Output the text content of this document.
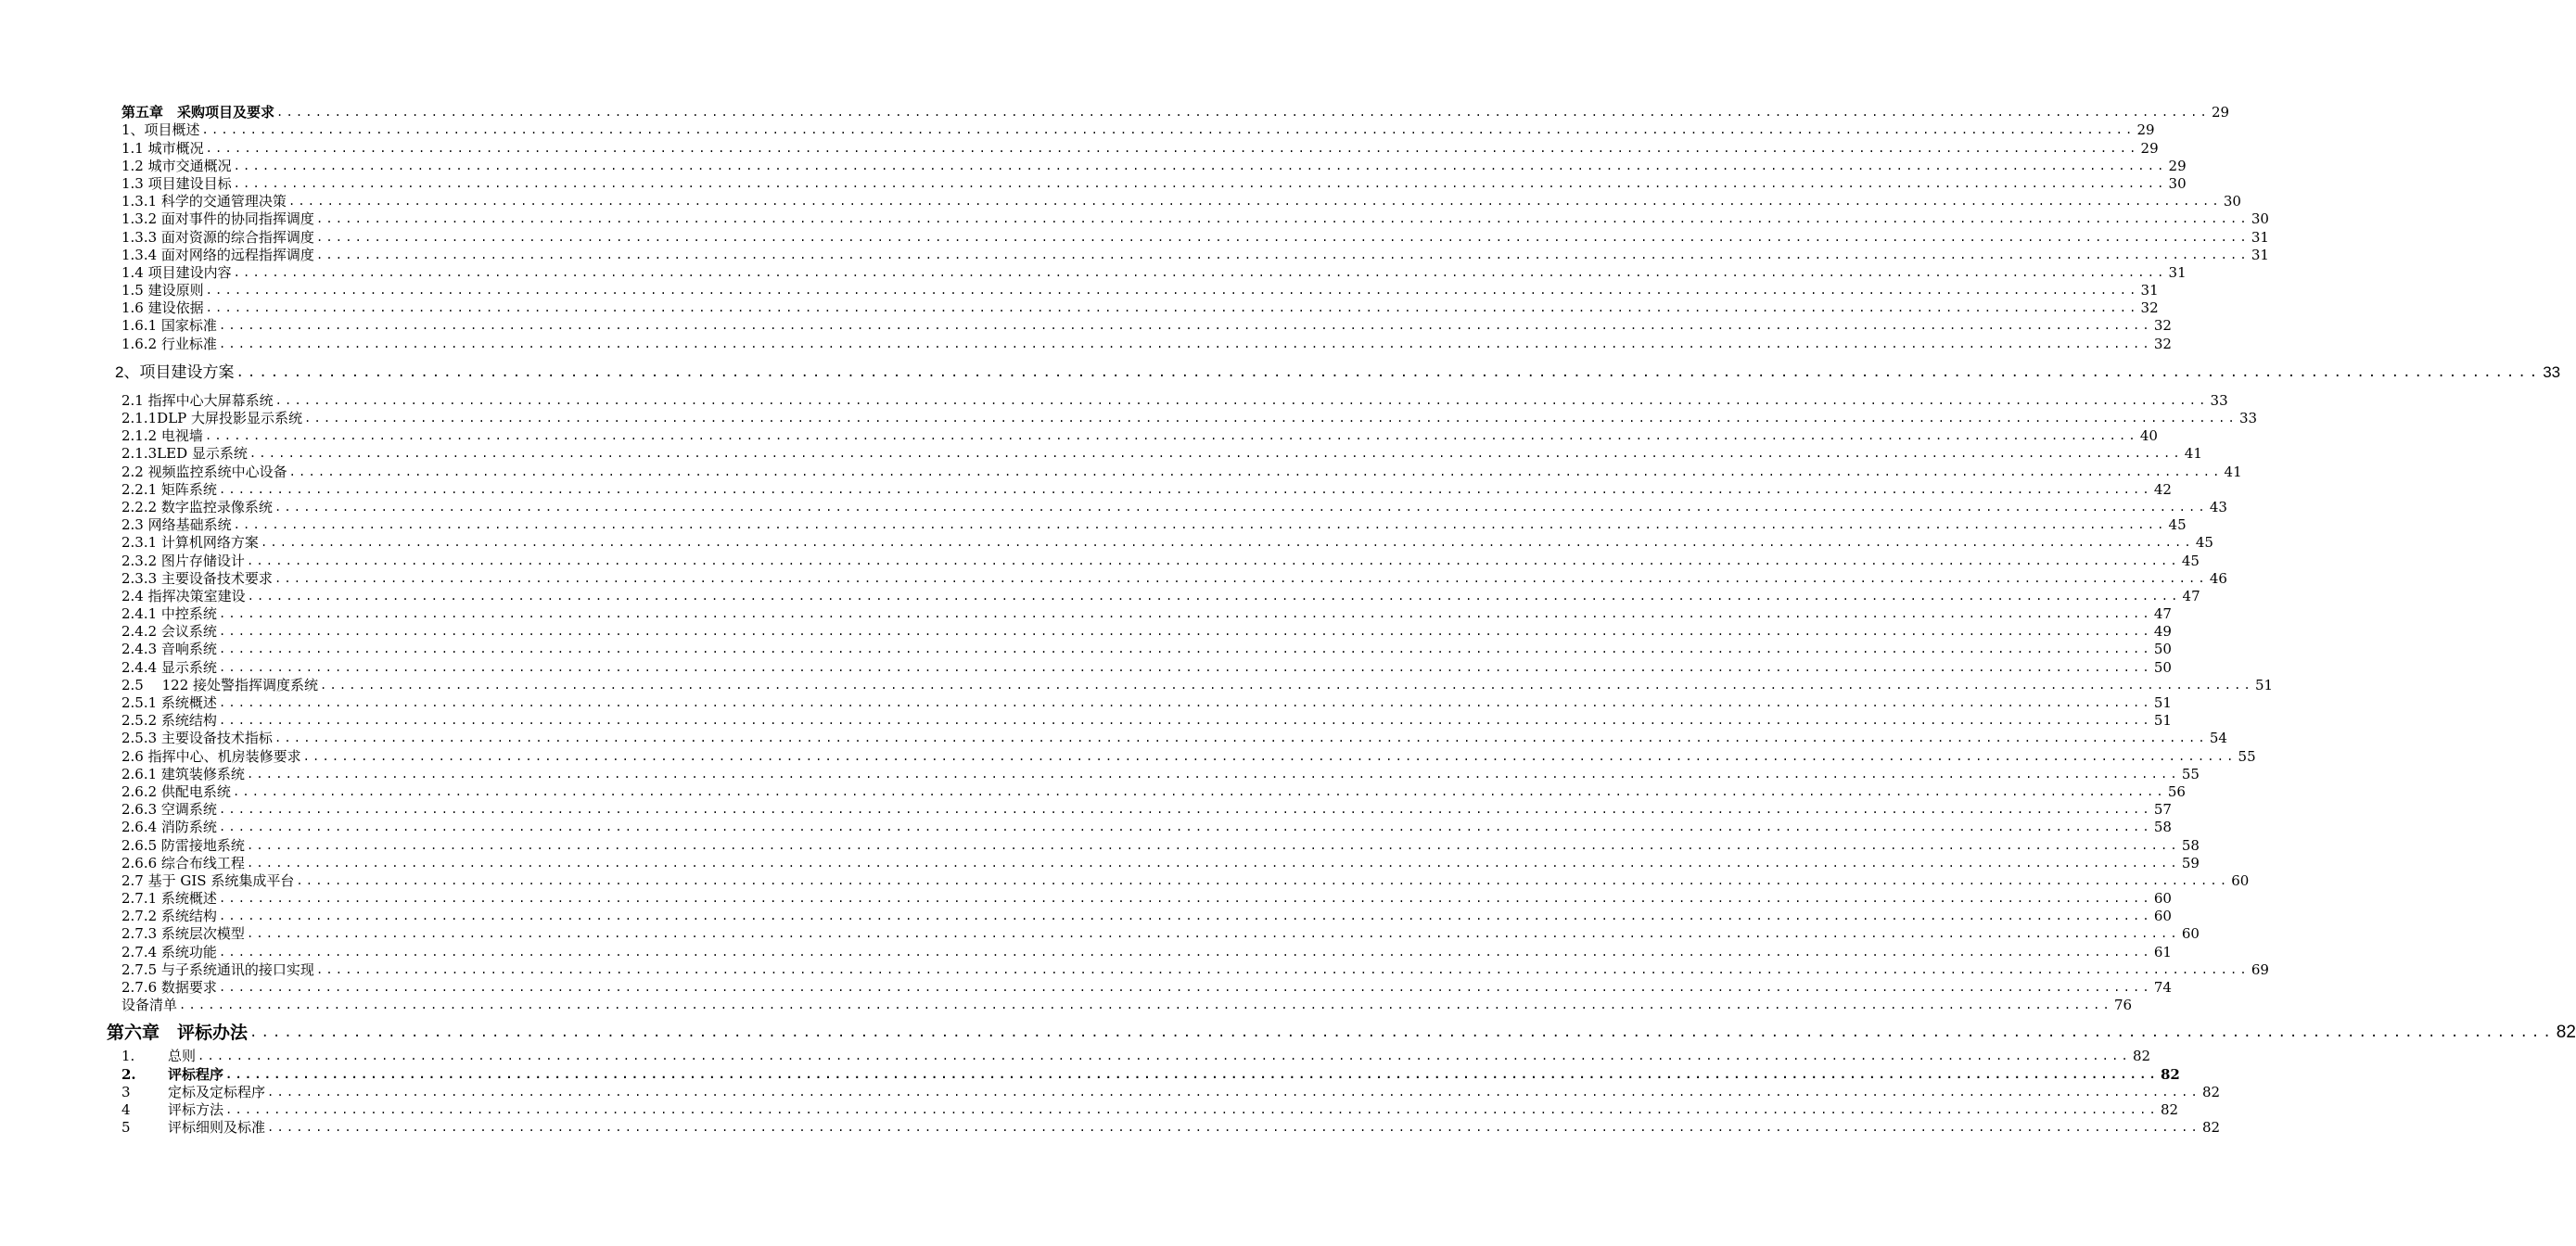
第五章　采购项目及要求 ........................................................................................................................................................................................................ 29
1、项目概述 ........................................................................................................................................................................................................ 29
1.1 城市概况 ........................................................................................................................................................................................................ 29
1.2 城市交通概况 ........................................................................................................................................................................................................ 29
1.3 项目建设目标 ........................................................................................................................................................................................................ 30
1.3.1 科学的交通管理决策 ........................................................................................................................................................................................................ 30
1.3.2 面对事件的协同指挥调度 ........................................................................................................................................................................................................ 30
1.3.3 面对资源的综合指挥调度 ........................................................................................................................................................................................................ 31
1.3.4 面对网络的远程指挥调度 ........................................................................................................................................................................................................ 31
1.4 项目建设内容 ........................................................................................................................................................................................................ 31
1.5 建设原则 ........................................................................................................................................................................................................ 31
1.6 建设依据 ........................................................................................................................................................................................................ 32
1.6.1 国家标准 ........................................................................................................................................................................................................ 32
1.6.2 行业标准 ........................................................................................................................................................................................................ 32
2、项目建设方案 ........................................................................................................................................................................................................ 33
2.1 指挥中心大屏幕系统 ........................................................................................................................................................................................................ 33
2.1.1DLP 大屏投影显示系统 ........................................................................................................................................................................................................ 33
2.1.2 电视墙 ........................................................................................................................................................................................................ 40
2.1.3LED 显示系统 ........................................................................................................................................................................................................ 41
2.2 视频监控系统中心设备 ........................................................................................................................................................................................................ 41
2.2.1 矩阵系统 ........................................................................................................................................................................................................ 42
2.2.2 数字监控录像系统 ........................................................................................................................................................................................................ 43
2.3 网络基础系统 ........................................................................................................................................................................................................ 45
2.3.1 计算机网络方案 ........................................................................................................................................................................................................ 45
2.3.2 图片存储设计 ........................................................................................................................................................................................................ 45
2.3.3 主要设备技术要求 ........................................................................................................................................................................................................ 46
2.4 指挥决策室建设 ........................................................................................................................................................................................................ 47
2.4.1 中控系统 ........................................................................................................................................................................................................ 47
2.4.2 会议系统 ........................................................................................................................................................................................................ 49
2.4.3 音响系统 ........................................................................................................................................................................................................ 50
2.4.4 显示系统 ........................................................................................................................................................................................................ 50
2.5　 122 接处警指挥调度系统 ........................................................................................................................................................................................................ 51
2.5.1 系统概述 ........................................................................................................................................................................................................ 51
2.5.2 系统结构 ........................................................................................................................................................................................................ 51
2.5.3 主要设备技术指标 ........................................................................................................................................................................................................ 54
2.6 指挥中心、机房装修要求 ........................................................................................................................................................................................................ 55
2.6.1 建筑装修系统 ........................................................................................................................................................................................................ 55
2.6.2 供配电系统 ........................................................................................................................................................................................................ 56
2.6.3 空调系统 ........................................................................................................................................................................................................ 57
2.6.4 消防系统 ........................................................................................................................................................................................................ 58
2.6.5 防雷接地系统 ........................................................................................................................................................................................................ 58
2.6.6 综合布线工程 ........................................................................................................................................................................................................ 59
2.7 基于 GIS 系统集成平台 ........................................................................................................................................................................................................ 60
2.7.1 系统概述 ........................................................................................................................................................................................................ 60
2.7.2 系统结构 ........................................................................................................................................................................................................ 60
2.7.3 系统层次模型 ........................................................................................................................................................................................................ 60
2.7.4 系统功能 ........................................................................................................................................................................................................ 61
2.7.5 与子系统通讯的接口实现 ........................................................................................................................................................................................................ 69
2.7.6 数据要求 ........................................................................................................................................................................................................ 74
设备清单 ........................................................................................................................................................................................................ 76
第六章　评标办法 ........................................................................................................................................................................................................ 82
1. 总则 ........................................................................................................................................................................................................ 82
2. 评标程序 ........................................................................................................................................................................................................ 82
3	定标及定标程序 ........................................................................................................................................................................................................ 82
4	评标方法 ........................................................................................................................................................................................................ 82
5	评标细则及标准 ........................................................................................................................................................................................................ 82
